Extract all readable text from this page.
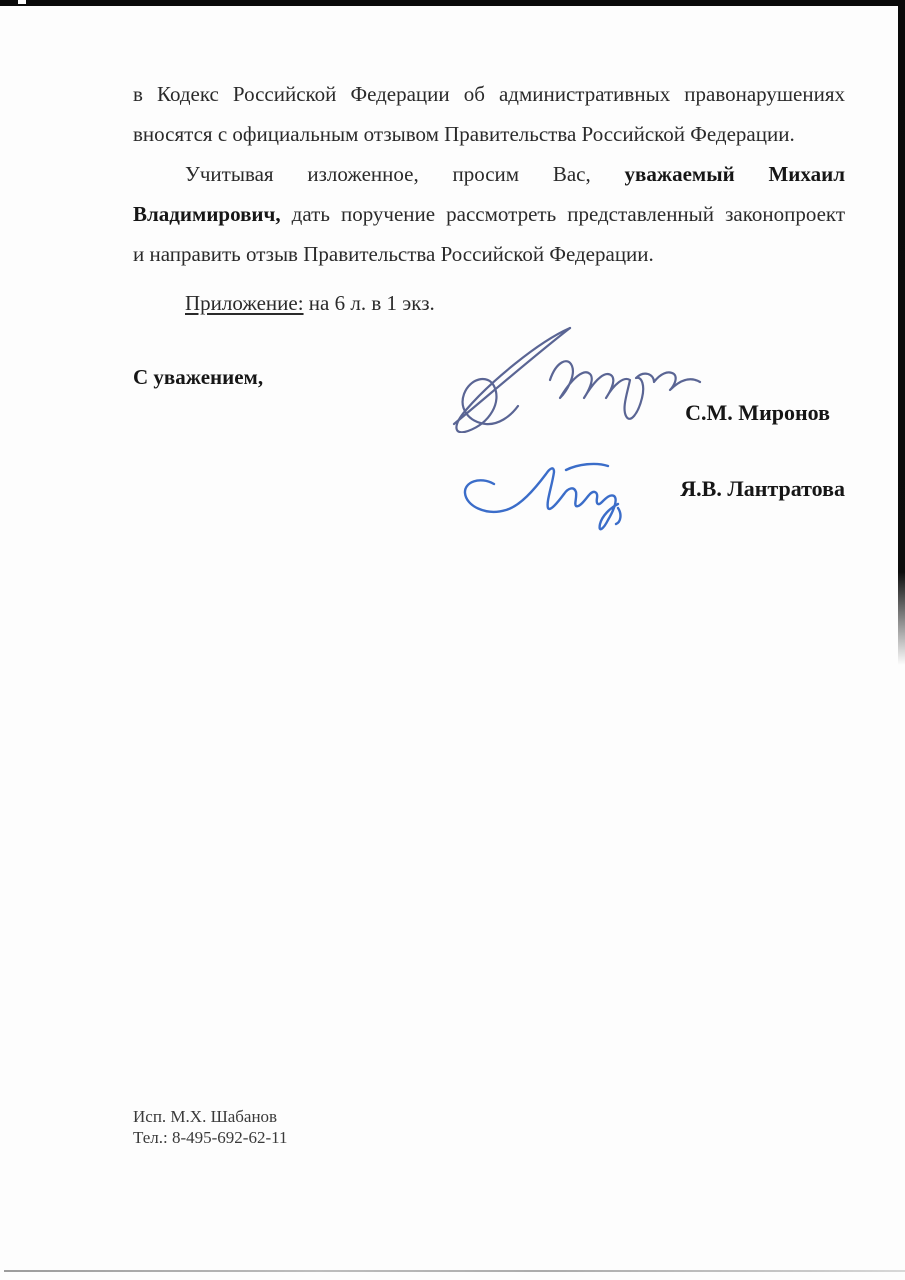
в Кодекс Российской Федерации об административных правонарушениях
вносятся с официальным отзывом Правительства Российской Федерации.
Учитывая изложенное, просим Вас, уважаемый Михаил
Владимирович, дать поручение рассмотреть представленный законопроект
и направить отзыв Правительства Российской Федерации.
Приложение: на 6 л. в 1 экз.
С уважением,
С.М. Миронов
Я.В. Лантратова
Исп. М.Х. Шабанов
Тел.: 8-495-692-62-11
